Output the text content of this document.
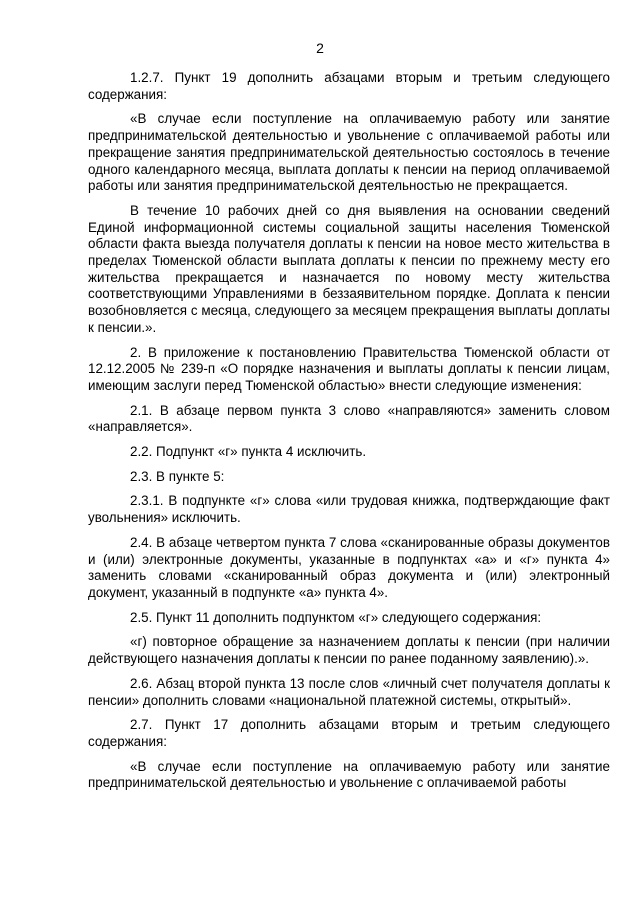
2

1.2.7. Пункт 19 дополнить абзацами вторым и третьим следующего содержания:

«В случае если поступление на оплачиваемую работу или занятие предпринимательской деятельностью и увольнение с оплачиваемой работы или прекращение занятия предпринимательской деятельностью состоялось в течение одного календарного месяца, выплата доплаты к пенсии на период оплачиваемой работы или занятия предпринимательской деятельностью не прекращается.

В течение 10 рабочих дней со дня выявления на основании сведений Единой информационной системы социальной защиты населения Тюменской области факта выезда получателя доплаты к пенсии на новое место жительства в пределах Тюменской области выплата доплаты к пенсии по прежнему месту его жительства прекращается и назначается по новому месту жительства соответствующими Управлениями в беззаявительном порядке. Доплата к пенсии возобновляется с месяца, следующего за месяцем прекращения выплаты доплаты к пенсии.».

2. В приложение к постановлению Правительства Тюменской области от 12.12.2005 № 239-п «О порядке назначения и выплаты доплаты к пенсии лицам, имеющим заслуги перед Тюменской областью» внести следующие изменения:

2.1. В абзаце первом пункта 3 слово «направляются» заменить словом «направляется».

2.2. Подпункт «г» пункта 4 исключить.

2.3. В пункте 5:

2.3.1. В подпункте «г» слова «или трудовая книжка, подтверждающие факт увольнения» исключить.

2.4. В абзаце четвертом пункта 7 слова «сканированные образы документов и (или) электронные документы, указанные в подпунктах «а» и «г» пункта 4» заменить словами «сканированный образ документа и (или) электронный документ, указанный в подпункте «а» пункта 4».

2.5. Пункт 11 дополнить подпунктом «г» следующего содержания:

«г) повторное обращение за назначением доплаты к пенсии (при наличии действующего назначения доплаты к пенсии по ранее поданному заявлению).».

2.6. Абзац второй пункта 13 после слов «личный счет получателя доплаты к пенсии» дополнить словами «национальной платежной системы, открытый».

2.7. Пункт 17 дополнить абзацами вторым и третьим следующего содержания:

«В случае если поступление на оплачиваемую работу или занятие предпринимательской деятельностью и увольнение с оплачиваемой работы
